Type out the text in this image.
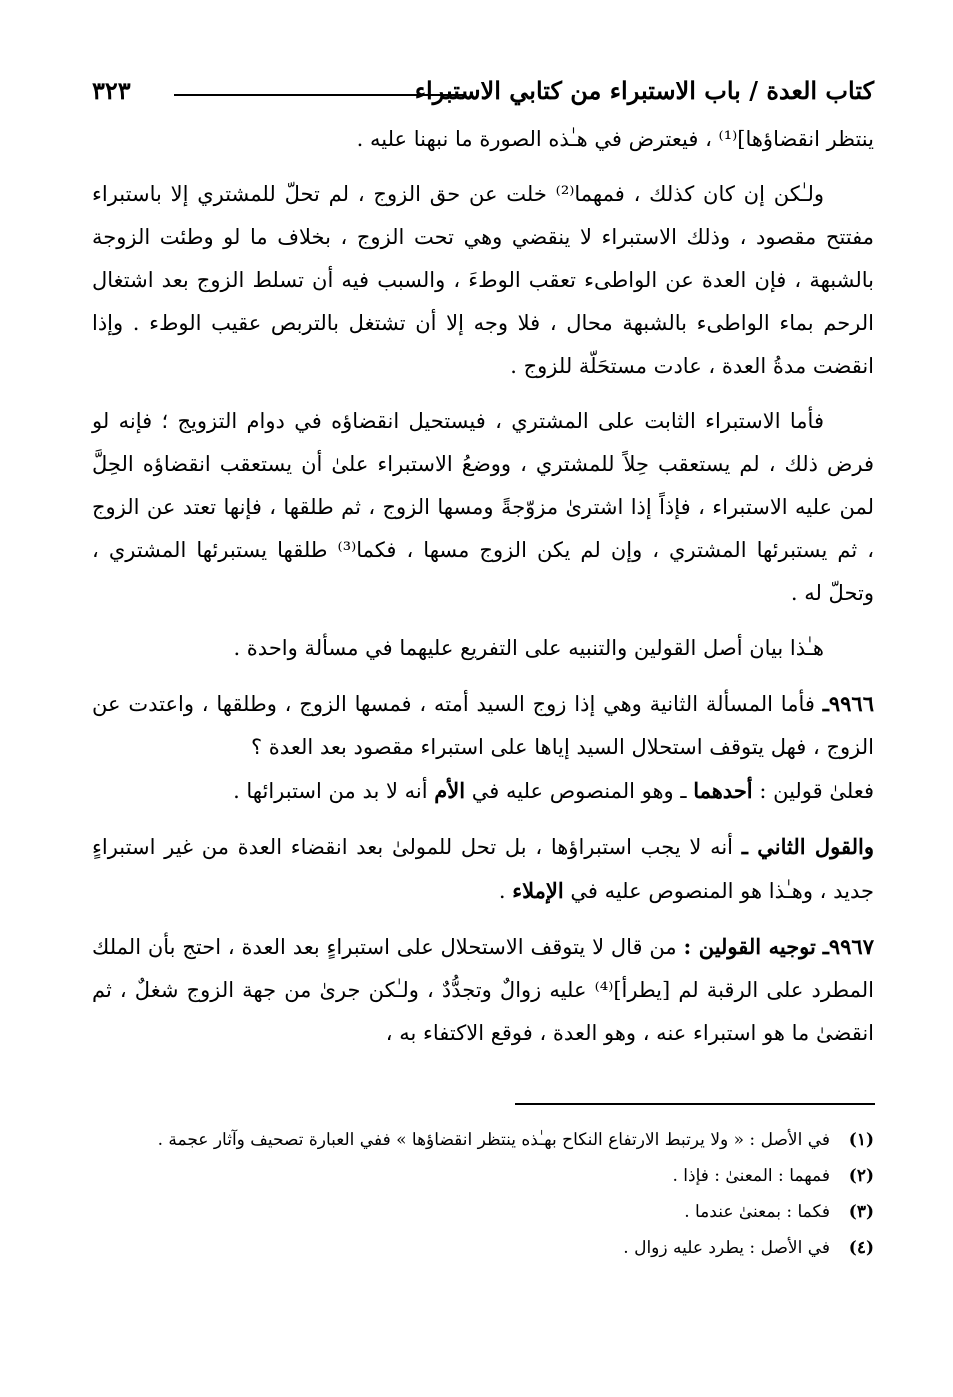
كتاب العدة / باب الاستبراء من كتابي الاستبراء
٣٢٣

ينتظر انقضاؤها]⁽¹⁾ ، فيعترض في هـٰذه الصورة ما نبهنا عليه .

ولـٰكن إن كان كذلك ، فمهما⁽²⁾ خلت عن حق الزوج ، لم تحلّ للمشتري إلا باستبراء مفتتح مقصود ، وذلك الاستبراء لا ينقضي وهي تحت الزوج ، بخلاف ما لو وطئت الزوجة بالشبهة ، فإن العدة عن الواطىء تعقب الوطءَ ، والسبب فيه أن تسلط الزوج بعد اشتغال الرحم بماء الواطىء بالشبهة محال ، فلا وجه إلا أن تشتغل بالتربص عقيب الوطء . وإذا انقضت مدةُ العدة ، عادت مستحَلّة للزوج .

فأما الاستبراء الثابت على المشتري ، فيستحيل انقضاؤه في دوام التزويج ؛ فإنه لو فرض ذلك ، لم يستعقب حِلاً للمشتري ، ووضعُ الاستبراء علىٰ أن يستعقب انقضاؤه الحِلَّ لمن عليه الاستبراء ، فإذاً إذا اشترىٰ مزوّجةً ومسها الزوج ، ثم طلقها ، فإنها تعتد عن الزوج ، ثم يستبرئها المشتري ، وإن لم يكن الزوج مسها ، فكما⁽³⁾ طلقها يستبرئها المشتري ، وتحلّ له .

هـٰذا بيان أصل القولين والتنبيه على التفريع عليهما في مسألة واحدة .

٩٩٦٦ـ فأما المسألة الثانية وهي إذا زوج السيد أمته ، فمسها الزوج ، وطلقها ، واعتدت عن الزوج ، فهل يتوقف استحلال السيد إياها على استبراء مقصود بعد العدة ؟
فعلىٰ قولين : أحدهما ـ وهو المنصوص عليه في الأم أنه لا بد من استبرائها .

والقول الثاني ـ أنه لا يجب استبراؤها ، بل تحل للمولىٰ بعد انقضاء العدة من غير استبراءٍ جديد ، وهـٰذا هو المنصوص عليه في الإملاء .

٩٩٦٧ـ توجيه القولين : من قال لا يتوقف الاستحلال على استبراءٍ بعد العدة ، احتج بأن الملك المطرد على الرقبة لم [يطرأ]⁽⁴⁾ عليه زوالٌ وتجدُّدٌ ، ولـٰكن جرىٰ من جهة الزوج شغلٌ ، ثم انقضىٰ ما هو استبراء عنه ، وهو العدة ، فوقع الاكتفاء به ،

(١)
في الأصل : « ولا يرتبط الارتفاع النكاح بهـٰذه ينتظر انقضاؤها » ففي العبارة تصحيف وآثار عجمة .
(٢)
فمهما : المعنىٰ : فإذا .
(٣)
فكما : بمعنىٰ عندما .
(٤)
في الأصل : يطرد عليه زوال .
